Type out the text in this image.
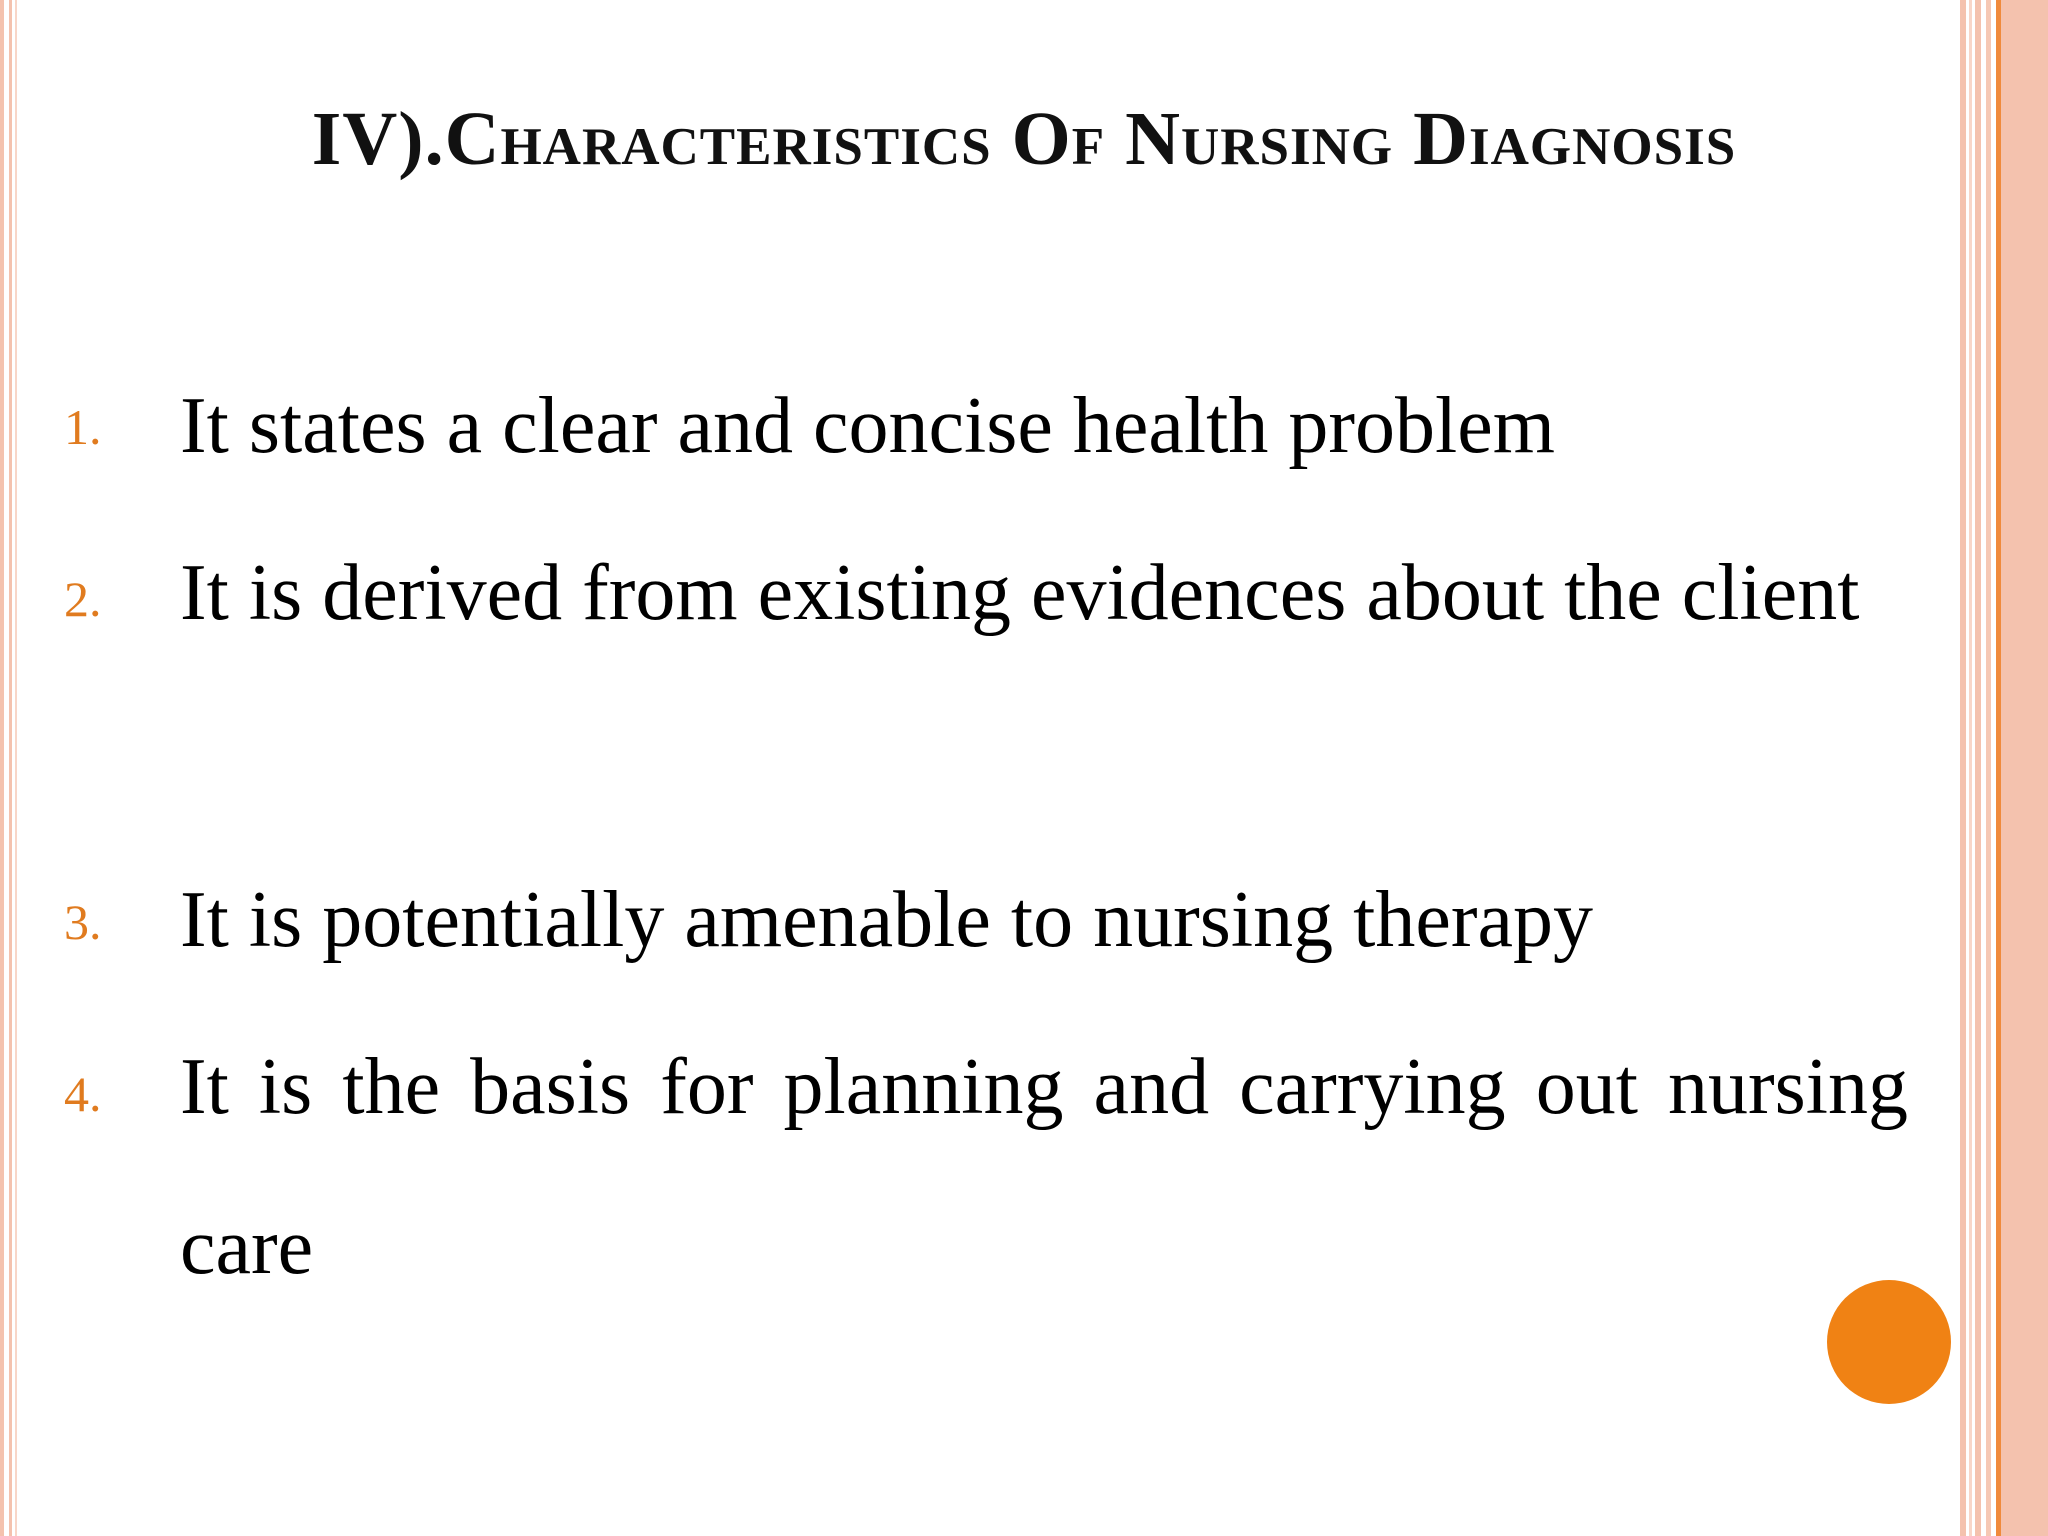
IV).Characteristics Of Nursing Diagnosis
1. It states a clear and concise health problem
2. It is derived from existing evidences about the client
3. It is potentially amenable to nursing therapy
4. It is the basis for planning and carrying out nursing care
